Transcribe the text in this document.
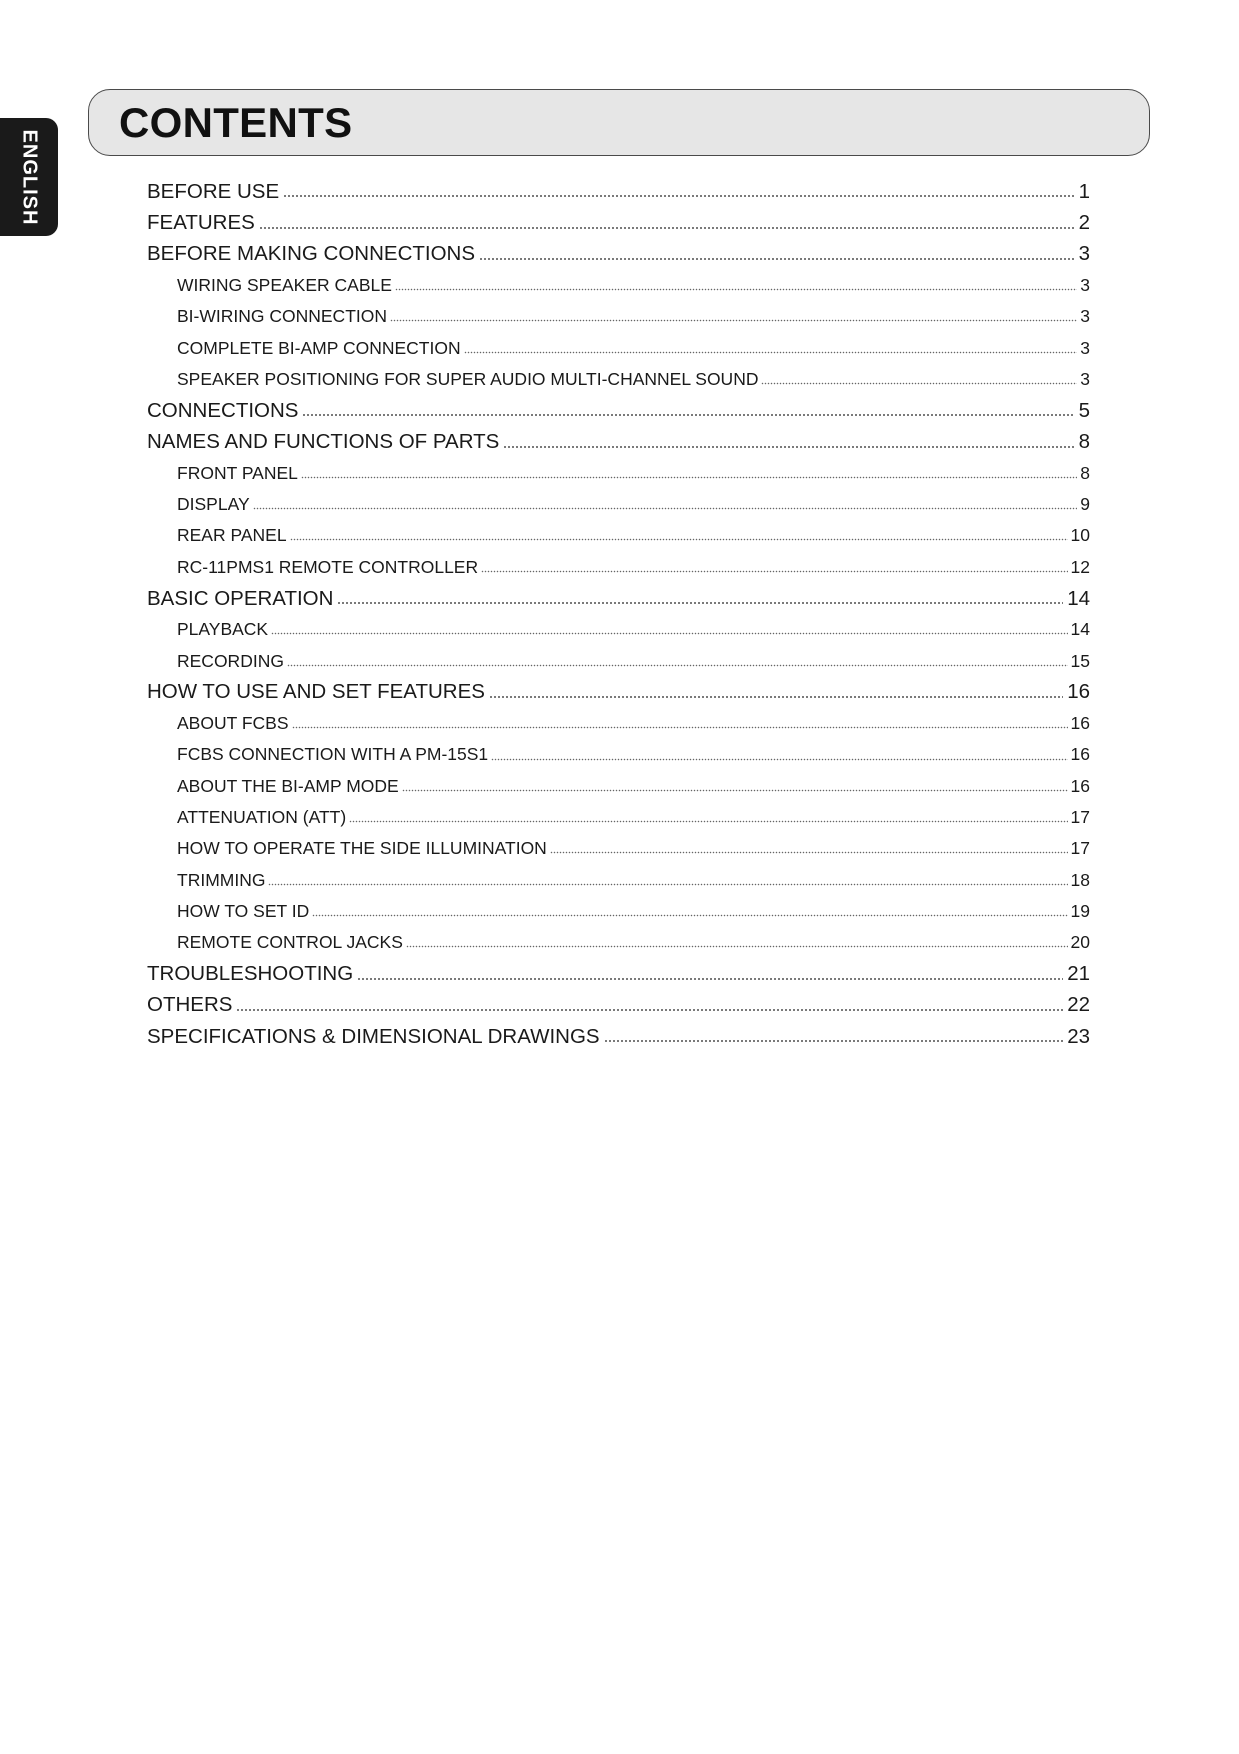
ENGLISH
CONTENTS
BEFORE USE	1
FEATURES	2
BEFORE MAKING CONNECTIONS	3
WIRING SPEAKER CABLE	3
BI-WIRING CONNECTION	3
COMPLETE BI-AMP CONNECTION	3
SPEAKER POSITIONING FOR SUPER AUDIO MULTI-CHANNEL SOUND	3
CONNECTIONS	5
NAMES AND FUNCTIONS OF PARTS	8
FRONT PANEL	8
DISPLAY	9
REAR PANEL	10
RC-11PMS1 REMOTE CONTROLLER	12
BASIC OPERATION	14
PLAYBACK	14
RECORDING	15
HOW TO USE AND SET FEATURES	16
ABOUT FCBS	16
FCBS CONNECTION WITH A PM-15S1	16
ABOUT THE BI-AMP MODE	16
ATTENUATION (ATT)	17
HOW TO OPERATE THE SIDE ILLUMINATION	17
TRIMMING	18
HOW TO SET ID	19
REMOTE CONTROL JACKS	20
TROUBLESHOOTING	21
OTHERS	22
SPECIFICATIONS & DIMENSIONAL DRAWINGS	23
